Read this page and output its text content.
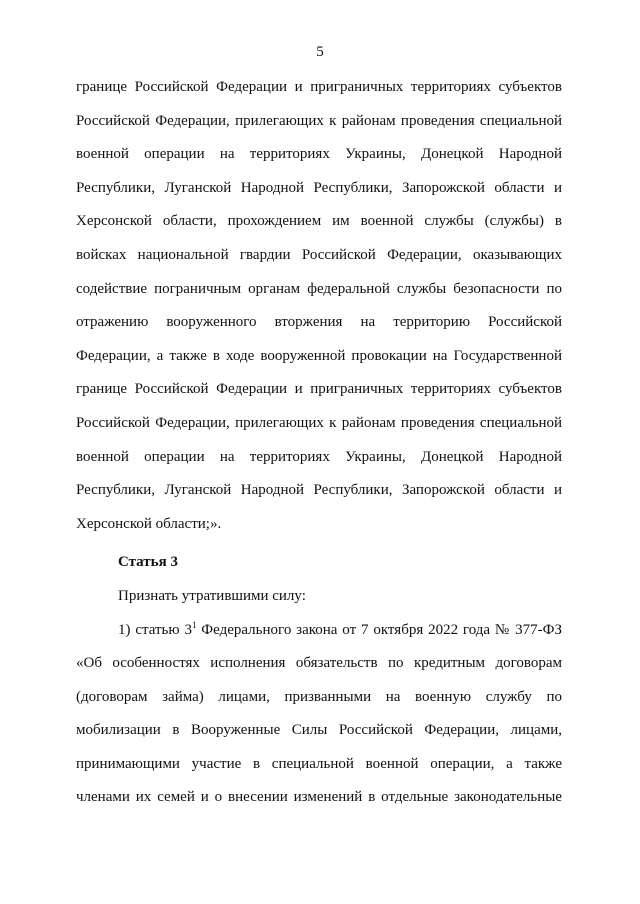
5
границе Российской Федерации и приграничных территориях субъектов
Российской Федерации, прилегающих к районам проведения специальной
военной операции на территориях Украины, Донецкой Народной
Республики, Луганской Народной Республики, Запорожской области и
Херсонской области, прохождением им военной службы (службы) в
войсках национальной гвардии Российской Федерации, оказывающих
содействие пограничным органам федеральной службы безопасности по
отражению вооруженного вторжения на территорию Российской
Федерации, а также в ходе вооруженной провокации на Государственной
границе Российской Федерации и приграничных территориях субъектов
Российской Федерации, прилегающих к районам проведения специальной
военной операции на территориях Украины, Донецкой Народной
Республики, Луганской Народной Республики, Запорожской области и
Херсонской области;».
Статья 3
Признать утратившими силу:
1) статью $3^1$ Федерального закона от 7 октября 2022 года № 377-ФЗ
«Об особенностях исполнения обязательств по кредитным договорам
(договорам займа) лицами, призванными на военную службу по
мобилизации в Вооруженные Силы Российской Федерации, лицами,
принимающими участие в специальной военной операции, а также
членами их семей и о внесении изменений в отдельные законодательные
